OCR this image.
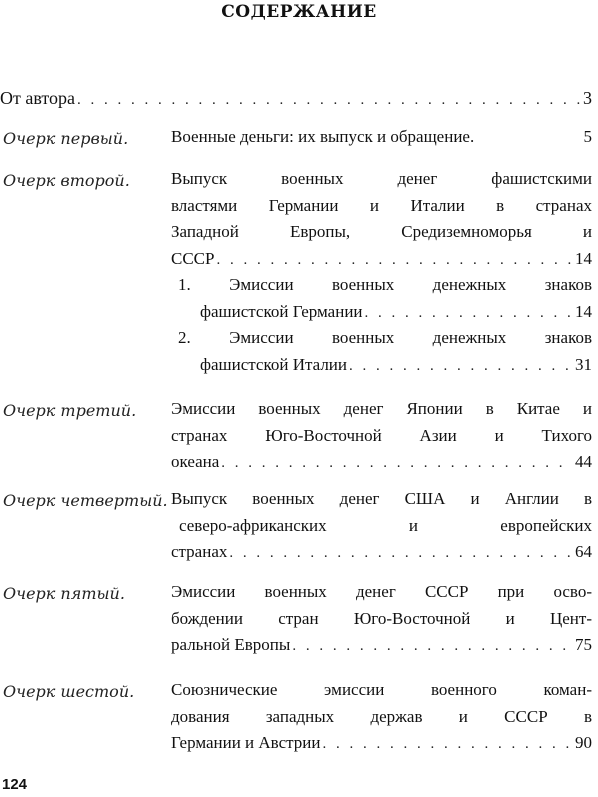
СОДЕРЖАНИЕ
От автора . . .	3
Очерк первый.	Военные деньги: их выпуск и обращение.	5
Очерк второй. Выпуск военных денег фашистскими
властями Германии и Италии в странах
Западной Европы, Средиземноморья и
СССР . . .	14
1. Эмиссии военных денежных знаков
фашистской Германии . . .	14
2. Эмиссии военных денежных знаков
фашистской Италии . . .	31
Очерк третий. Эмиссии военных денег Японии в Китае и
странах Юго-Восточной Азии и Тихого
океана . . .	44
Очерк четвертый. Выпуск военных денег США и Англии в
северо-африканских и европейских
странах . . .	64
Очерк пятый.	Эмиссии военных денег СССР при осво-
бождении стран Юго-Восточной и Цент-
ральной Европы . . .	75
Очерк шестой. Союзнические эмиссии военного коман-
дования западных держав и СССР в
Германии и Австрии . . .	90
124
